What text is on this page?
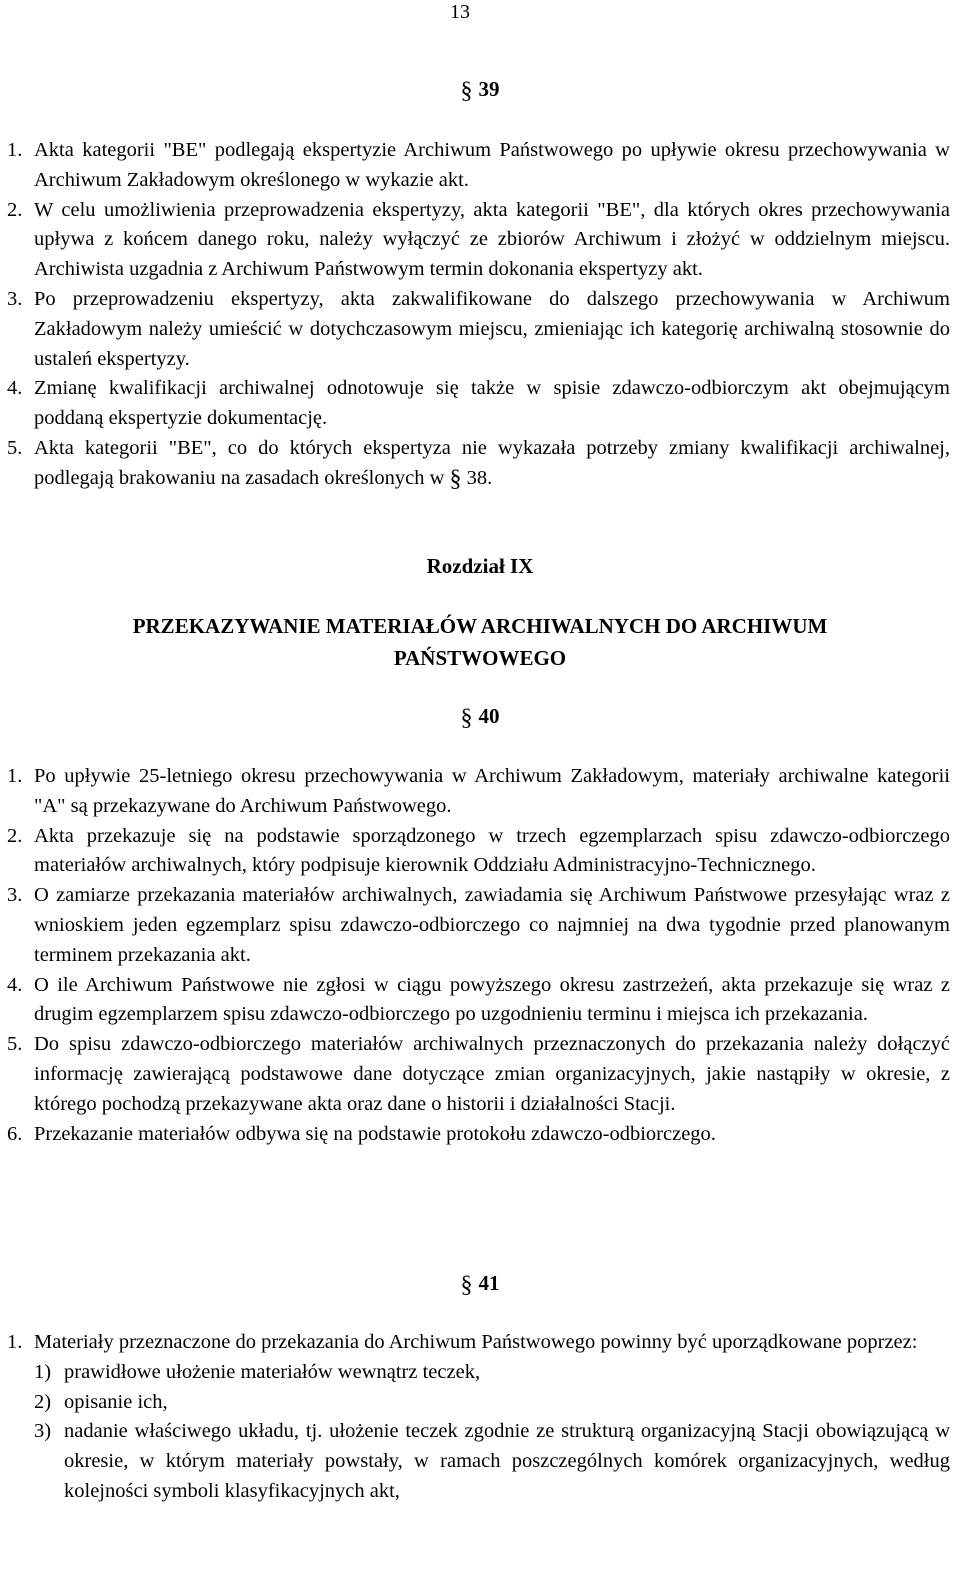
13
§ 39
1. Akta kategorii "BE" podlegają ekspertyzie Archiwum Państwowego po upływie okresu przechowywania w Archiwum Zakładowym określonego w wykazie akt.
2. W celu umożliwienia przeprowadzenia ekspertyzy, akta kategorii "BE", dla których okres przechowywania upływa z końcem danego roku, należy wyłączyć ze zbiorów Archiwum i złożyć w oddzielnym miejscu. Archiwista uzgadnia z Archiwum Państwowym termin dokonania ekspertyzy akt.
3. Po przeprowadzeniu ekspertyzy, akta zakwalifikowane do dalszego przechowywania w Archiwum Zakładowym należy umieścić w dotychczasowym miejscu, zmieniając ich kategorię archiwalną stosownie do ustaleń ekspertyzy.
4. Zmianę kwalifikacji archiwalnej odnotowuje się także w spisie zdawczo-odbiorczym akt obejmującym poddaną ekspertyzie dokumentację.
5. Akta kategorii "BE", co do których ekspertyza nie wykazała potrzeby zmiany kwalifikacji archiwalnej, podlegają brakowaniu na zasadach określonych w § 38.
Rozdział IX
PRZEKAZYWANIE MATERIAŁÓW ARCHIWALNYCH DO ARCHIWUM
PAŃSTWOWEGO
§ 40
1. Po upływie 25-letniego okresu przechowywania w Archiwum Zakładowym, materiały archiwalne kategorii "A" są przekazywane do Archiwum Państwowego.
2. Akta przekazuje się na podstawie sporządzonego w trzech egzemplarzach spisu zdawczo-odbiorczego materiałów archiwalnych, który podpisuje kierownik Oddziału Administracyjno-Technicznego.
3. O zamiarze przekazania materiałów archiwalnych, zawiadamia się Archiwum Państwowe przesyłając wraz z wnioskiem jeden egzemplarz spisu zdawczo-odbiorczego co najmniej na dwa tygodnie przed planowanym terminem przekazania akt.
4. O ile Archiwum Państwowe nie zgłosi w ciągu powyższego okresu zastrzeżeń, akta przekazuje się wraz z drugim egzemplarzem spisu zdawczo-odbiorczego po uzgodnieniu terminu i miejsca ich przekazania.
5. Do spisu zdawczo-odbiorczego materiałów archiwalnych przeznaczonych do przekazania należy dołączyć informację zawierającą podstawowe dane dotyczące zmian organizacyjnych, jakie nastąpiły w okresie, z którego pochodzą przekazywane akta oraz dane o historii i działalności Stacji.
6. Przekazanie materiałów odbywa się na podstawie protokołu zdawczo-odbiorczego.
§ 41
1. Materiały przeznaczone do przekazania do Archiwum Państwowego powinny być uporządkowane poprzez:
1) prawidłowe ułożenie materiałów wewnątrz teczek,
2) opisanie ich,
3) nadanie właściwego układu, tj. ułożenie teczek zgodnie ze strukturą organizacyjną Stacji obowiązującą w okresie, w którym materiały powstały, w ramach poszczególnych komórek organizacyjnych, według kolejności symboli klasyfikacyjnych akt,
